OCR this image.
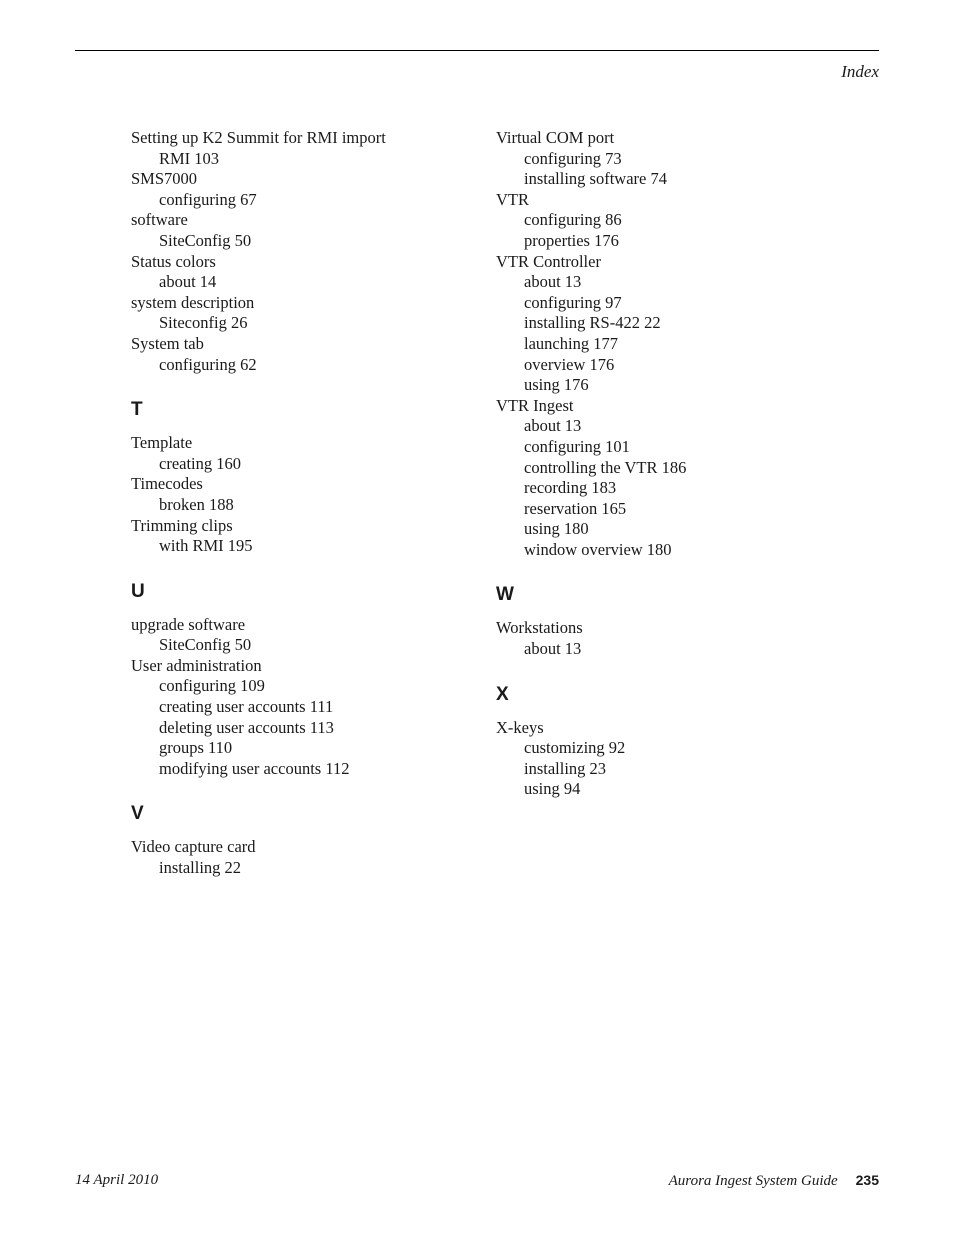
Index
Setting up K2 Summit for RMI import
RMI 103
SMS7000
configuring 67
software
SiteConfig 50
Status colors
about 14
system description
Siteconfig 26
System tab
configuring 62
T
Template
creating 160
Timecodes
broken 188
Trimming clips
with RMI 195
U
upgrade software
SiteConfig 50
User administration
configuring 109
creating user accounts 111
deleting user accounts 113
groups 110
modifying user accounts 112
V
Video capture card
installing 22
Virtual COM port
configuring 73
installing software 74
VTR
configuring 86
properties 176
VTR Controller
about 13
configuring 97
installing RS-422 22
launching 177
overview 176
using 176
VTR Ingest
about 13
configuring 101
controlling the VTR 186
recording 183
reservation 165
using 180
window overview 180
W
Workstations
about 13
X
X-keys
customizing 92
installing 23
using 94
14 April 2010	Aurora Ingest System Guide 235
